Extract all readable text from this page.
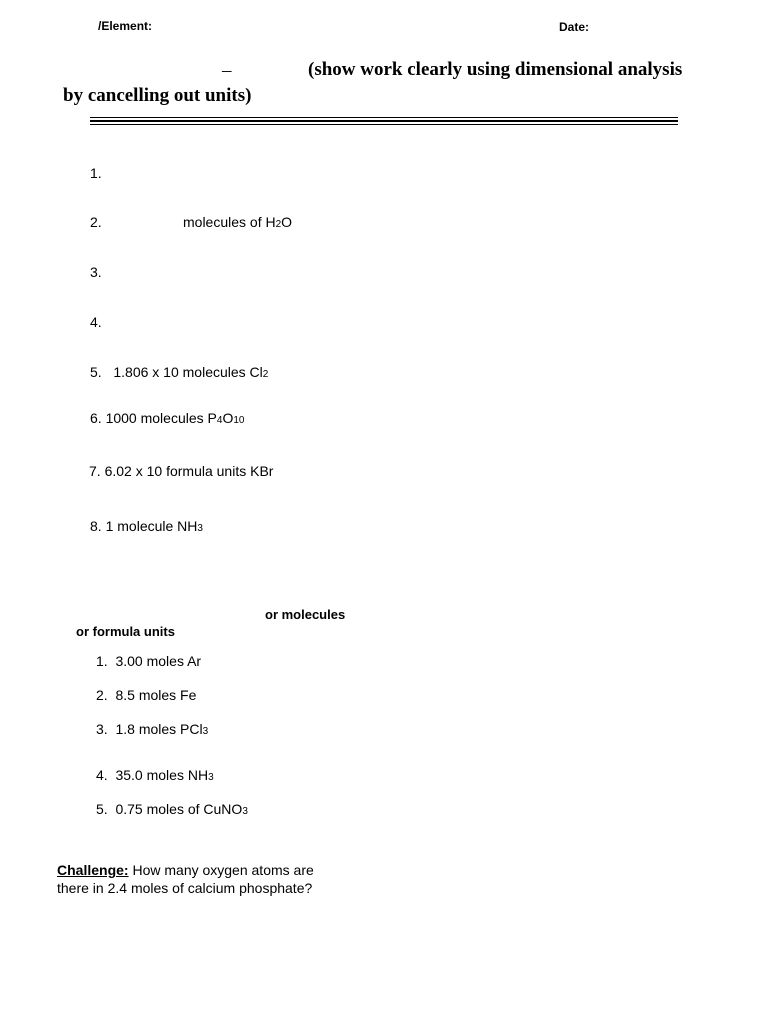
/Element:	Date:
–	(show work clearly using dimensional analysis
by cancelling out units)
1.
2.	molecules of H2O
3.
4.
5. 1.806 x 10 molecules Cl2
6. 1000 molecules P4O10
7. 6.02 x 10 formula units KBr
8. 1 molecule NH3
or molecules
or formula units
1. 3.00 moles Ar
2. 8.5 moles Fe
3. 1.8 moles PCl3
4. 35.0 moles NH3
5. 0.75 moles of CuNO3
Challenge: How many oxygen atoms are
there in 2.4 moles of calcium phosphate?
